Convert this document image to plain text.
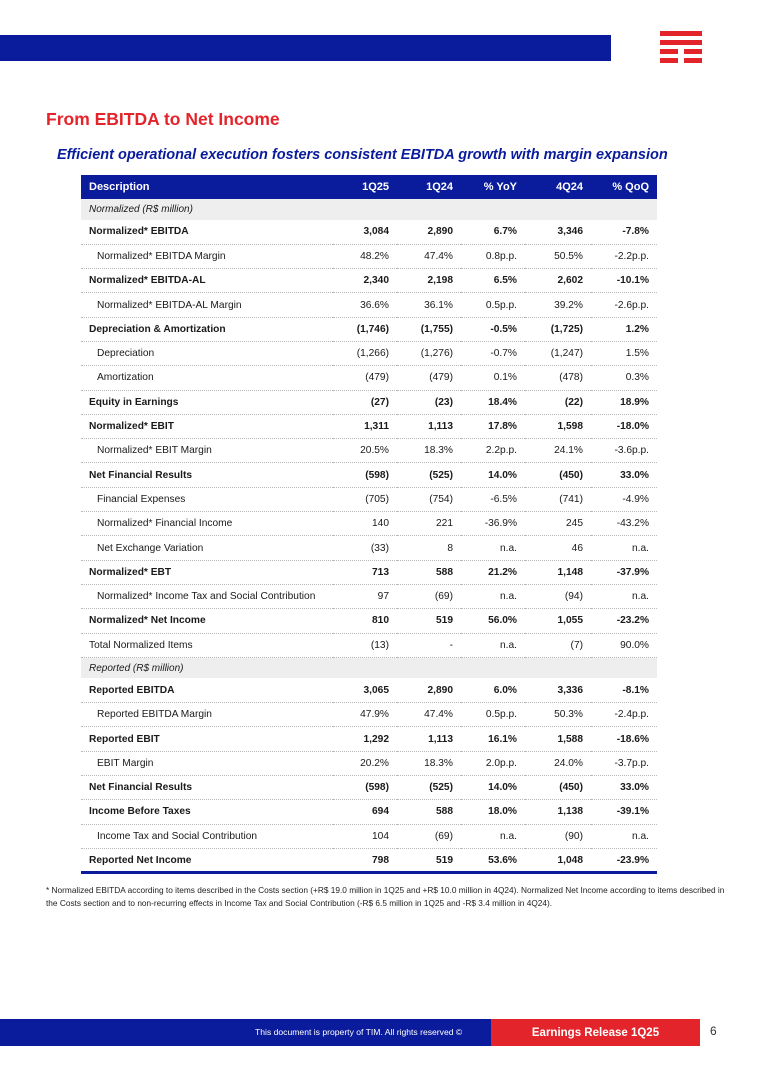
From EBITDA to Net Income
Efficient operational execution fosters consistent EBITDA growth with margin expansion
Description	1Q25	1Q24	% YoY	4Q24	% QoQ
Normalized (R$ million)					
Normalized* EBITDA	3,084	2,890	6.7%	3,346	-7.8%
Normalized* EBITDA Margin	48.2%	47.4%	0.8p.p.	50.5%	-2.2p.p.
Normalized* EBITDA-AL	2,340	2,198	6.5%	2,602	-10.1%
Normalized* EBITDA-AL Margin	36.6%	36.1%	0.5p.p.	39.2%	-2.6p.p.
Depreciation & Amortization	(1,746)	(1,755)	-0.5%	(1,725)	1.2%
Depreciation	(1,266)	(1,276)	-0.7%	(1,247)	1.5%
Amortization	(479)	(479)	0.1%	(478)	0.3%
Equity in Earnings	(27)	(23)	18.4%	(22)	18.9%
Normalized* EBIT	1,311	1,113	17.8%	1,598	-18.0%
Normalized* EBIT Margin	20.5%	18.3%	2.2p.p.	24.1%	-3.6p.p.
Net Financial Results	(598)	(525)	14.0%	(450)	33.0%
Financial Expenses	(705)	(754)	-6.5%	(741)	-4.9%
Normalized* Financial Income	140	221	-36.9%	245	-43.2%
Net Exchange Variation	(33)	8	n.a.	46	n.a.
Normalized* EBT	713	588	21.2%	1,148	-37.9%
Normalized* Income Tax and Social Contribution	97	(69)	n.a.	(94)	n.a.
Normalized* Net Income	810	519	56.0%	1,055	-23.2%
Total Normalized Items	(13)	-	n.a.	(7)	90.0%
Reported (R$ million)					
Reported EBITDA	3,065	2,890	6.0%	3,336	-8.1%
Reported EBITDA Margin	47.9%	47.4%	0.5p.p.	50.3%	-2.4p.p.
Reported EBIT	1,292	1,113	16.1%	1,588	-18.6%
EBIT Margin	20.2%	18.3%	2.0p.p.	24.0%	-3.7p.p.
Net Financial Results	(598)	(525)	14.0%	(450)	33.0%
Income Before Taxes	694	588	18.0%	1,138	-39.1%
Income Tax and Social Contribution	104	(69)	n.a.	(90)	n.a.
Reported Net Income	798	519	53.6%	1,048	-23.9%

* Normalized EBITDA according to items described in the Costs section (+R$ 19.0 million in 1Q25 and +R$ 10.0 million in 4Q24). Normalized Net Income according to items described in the Costs section and to non-recurring effects in Income Tax and Social Contribution (-R$ 6.5 million in 1Q25 and -R$ 3.4 million in 4Q24).

This document is property of TIM. All rights reserved ©	Earnings Release 1Q25	6
